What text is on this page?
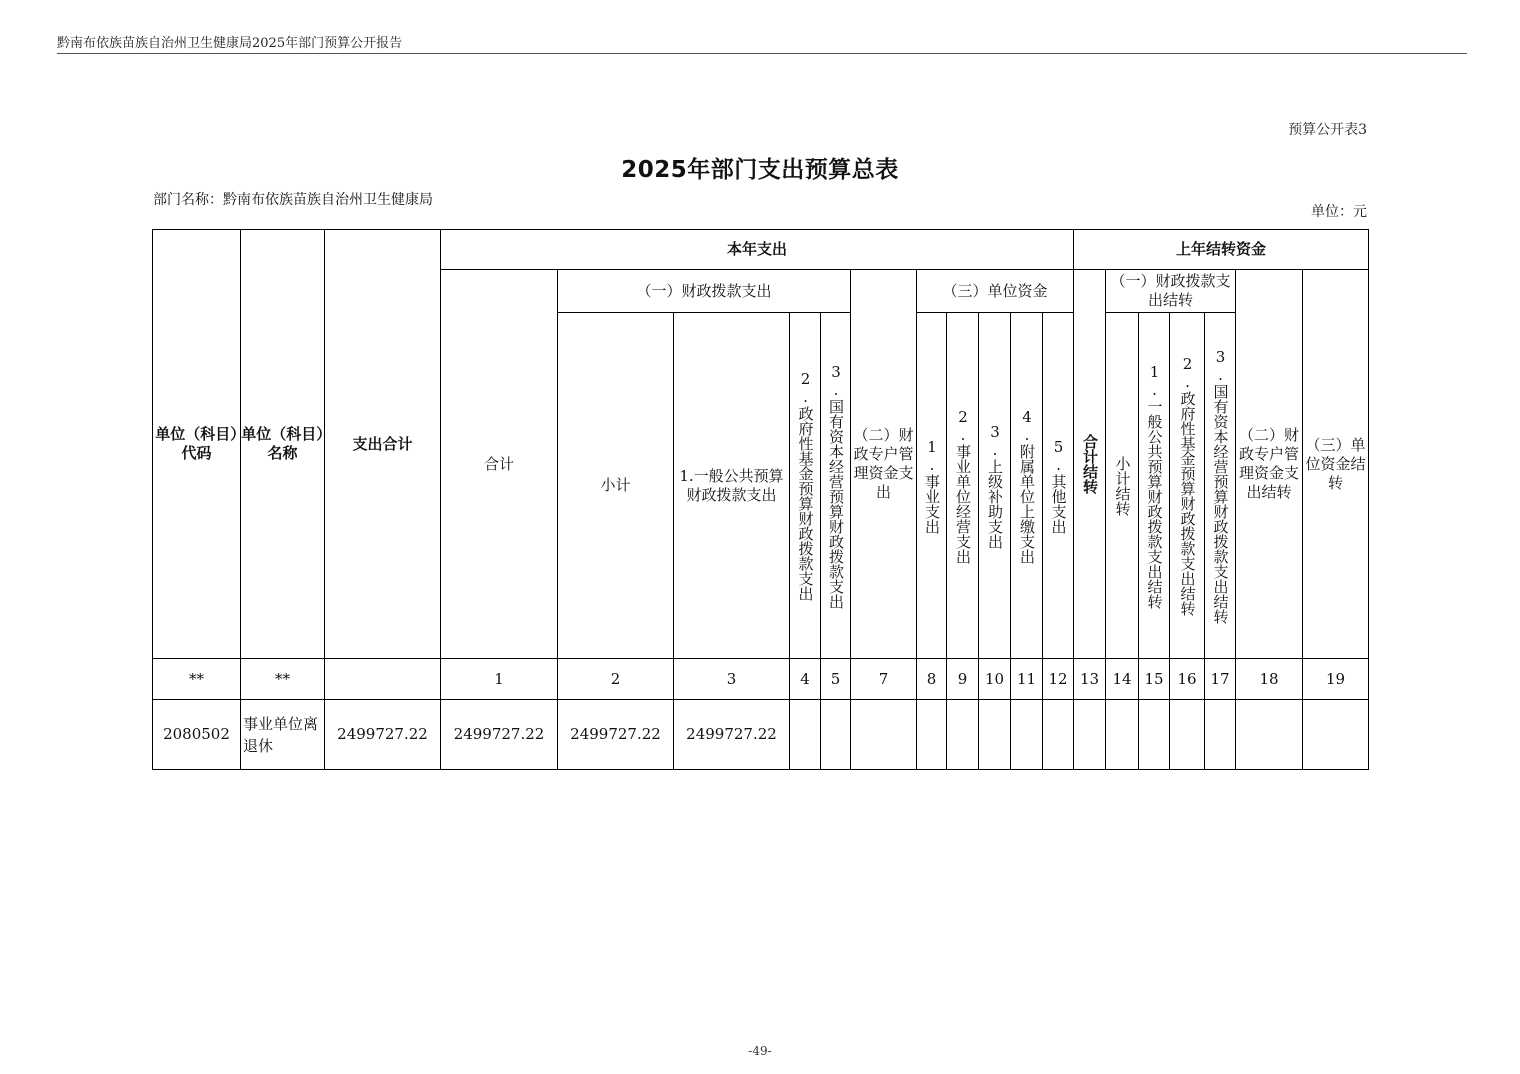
黔南布依族苗族自治州卫生健康局2025年部门预算公开报告
预算公开表3
2025年部门支出预算总表
部门名称：黔南布依族苗族自治州卫生健康局
单位：元
单位（科目）代码	单位（科目）名称	支出合计	本年支出											上年结转资金						
			合计	（一）财政拨款支出				（二）财政专户管理资金支出	（三）单位资金					合计结转	（一）财政拨款支出结转				（二）财政专户管理资金支出结转	（三）单位资金结转
				小计	1.一般公共预算财政拨款支出	2.政府性基金预算财政拨款支出	3.国有资本经营预算财政拨款支出		1.事业支出	2.事业单位经营支出	3.上级补助支出	4.附属单位上缴支出	5.其他支出		小计结转	1.一般公共预算财政拨款支出结转	2.政府性基金预算财政拨款支出结转	3.国有资本经营预算财政拨款支出结转		

**	**		1	2	3	4	5	7	8	9	10	11	12	13	14	15	16	17	18	19
2080502	事业单位离退休	2499727.22	2499727.22	2499727.22	2499727.22															
-49-
